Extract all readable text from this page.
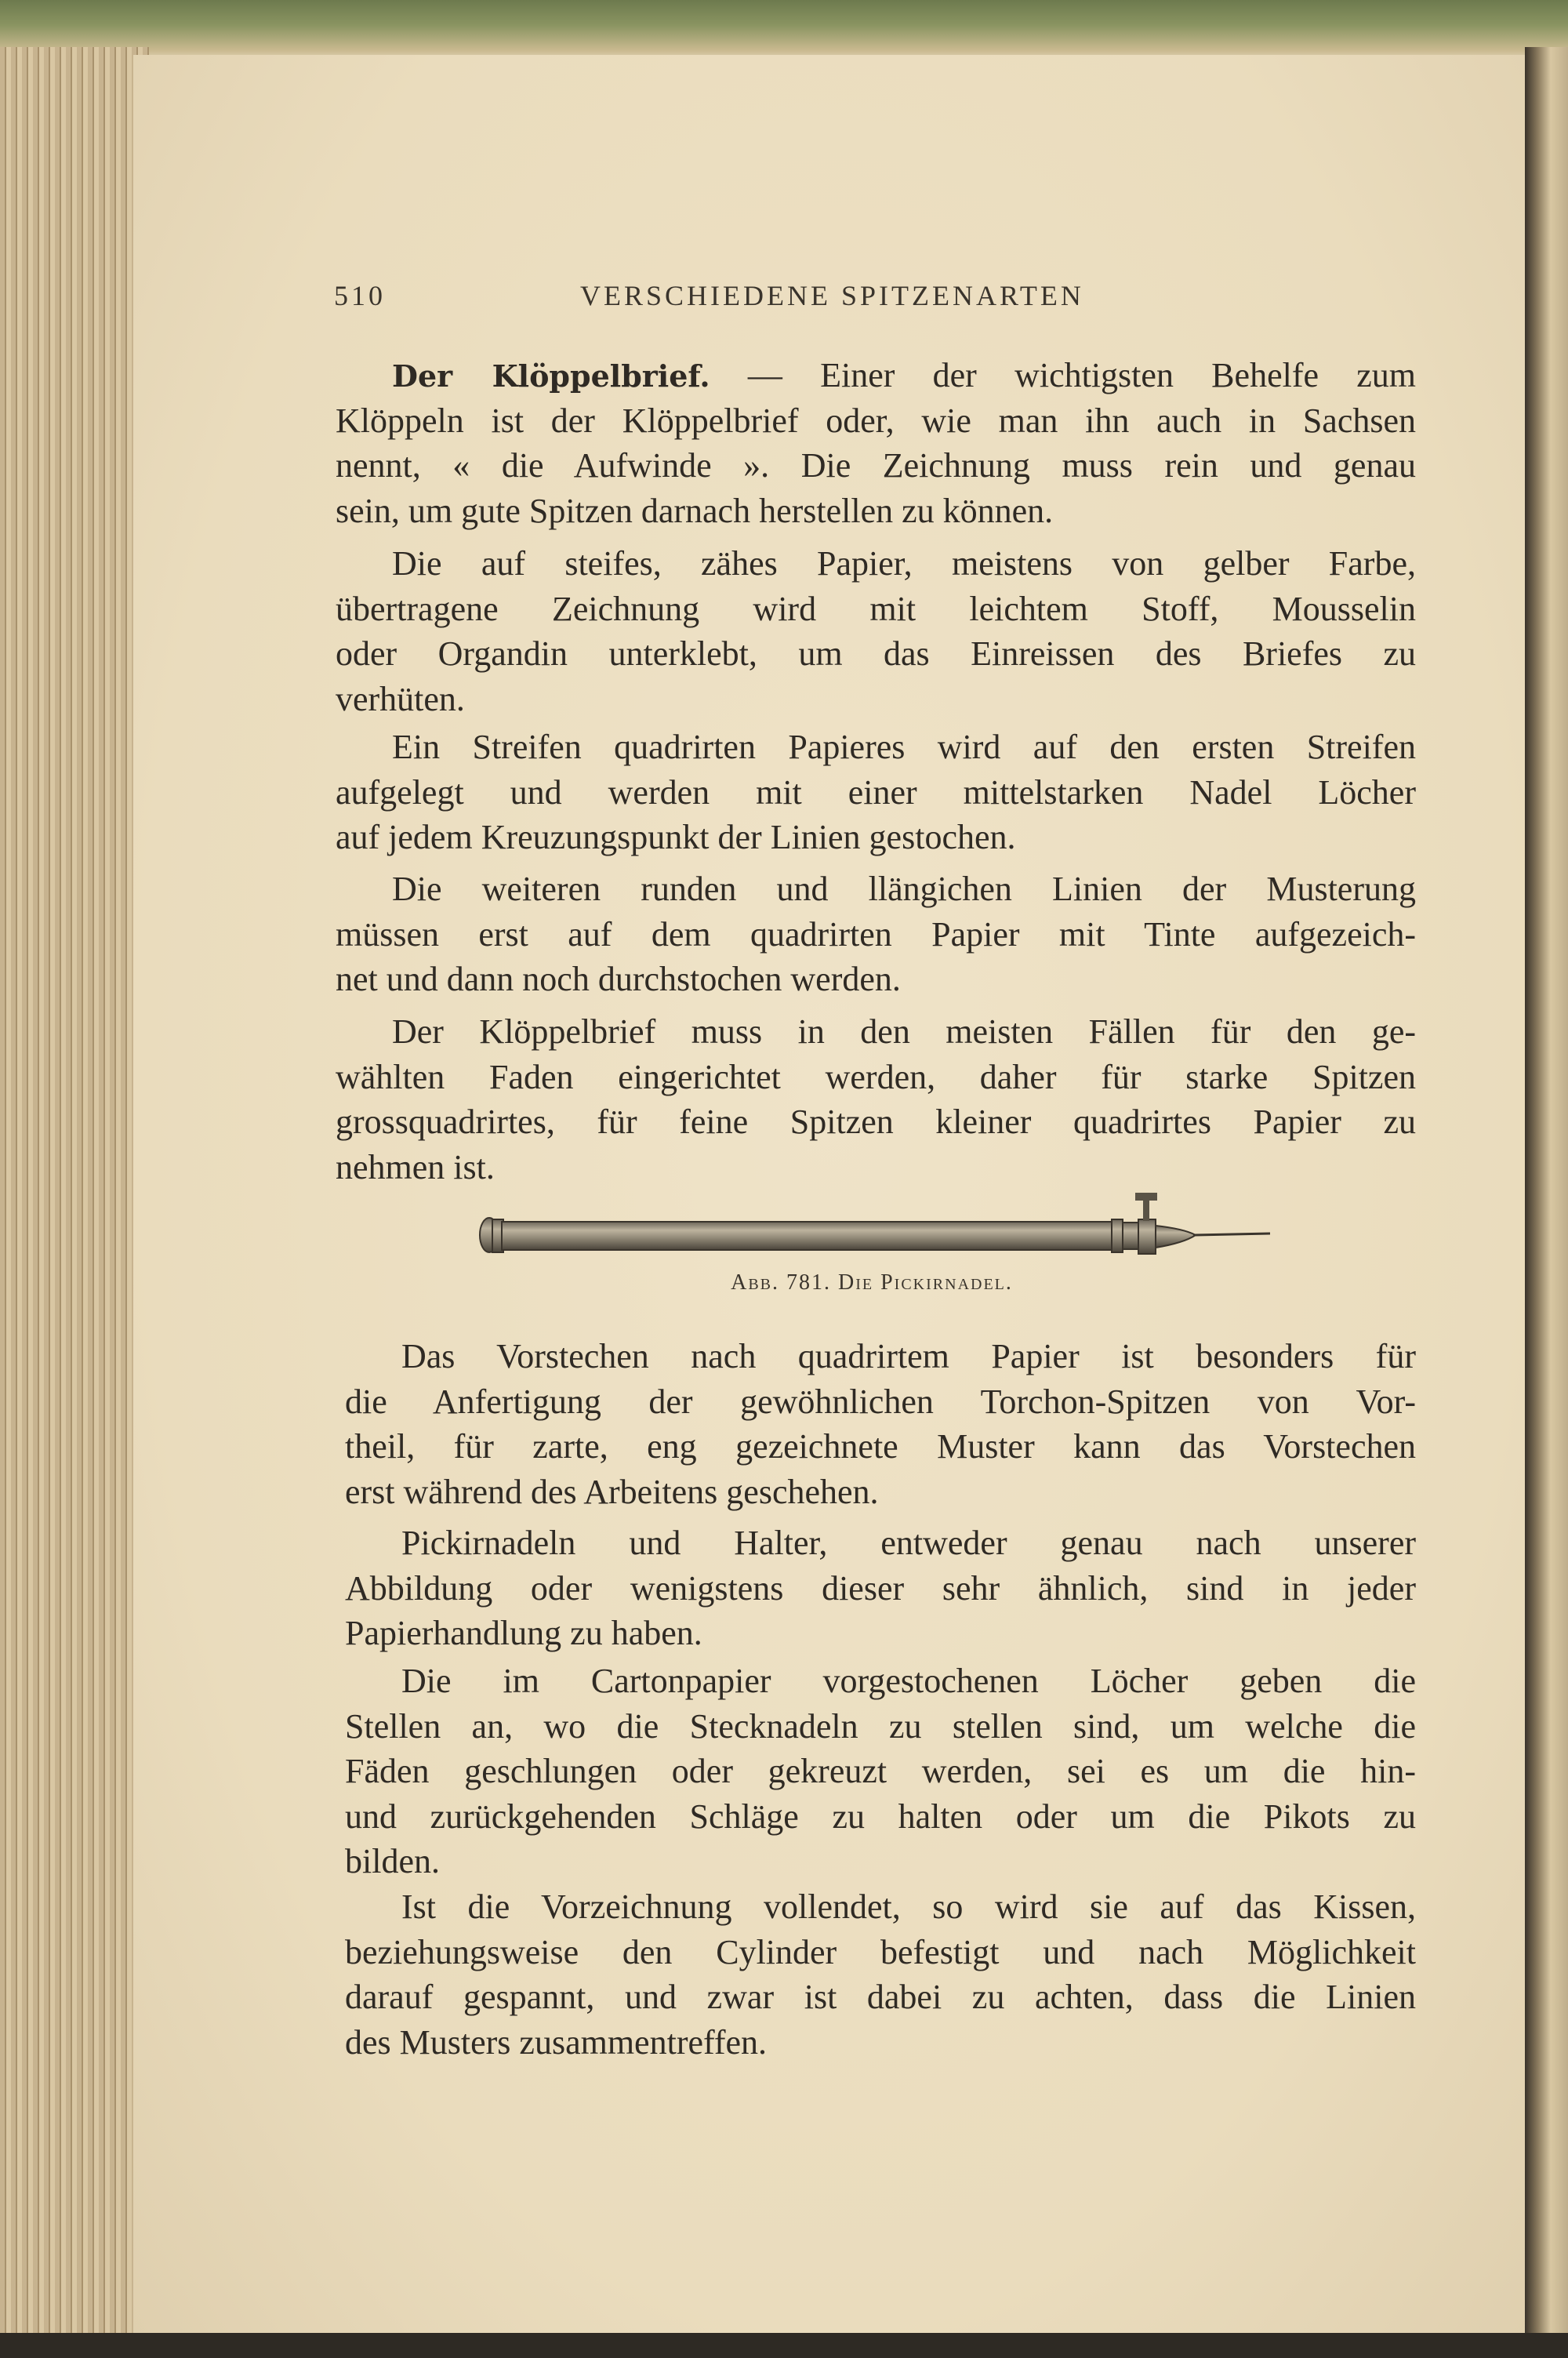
510	VERSCHIEDENE SPITZENARTEN
Der Klöppelbrief. — Einer der wichtigsten Behelfe zum
Klöppeln ist der Klöppelbrief oder, wie man ihn auch in Sachsen
nennt, « die Aufwinde ». Die Zeichnung muss rein und genau
sein, um gute Spitzen darnach herstellen zu können.
Die auf steifes, zähes Papier, meistens von gelber Farbe,
übertragene Zeichnung wird mit leichtem Stoff, Mousselin
oder Organdin unterklebt, um das Einreissen des Briefes zu
verhüten.
Ein Streifen quadrirten Papieres wird auf den ersten Streifen
aufgelegt und werden mit einer mittelstarken Nadel Löcher
auf jedem Kreuzungspunkt der Linien gestochen.
Die weiteren runden und llängichen Linien der Musterung
müssen erst auf dem quadrirten Papier mit Tinte aufgezeich-
net und dann noch durchstochen werden.
Der Klöppelbrief muss in den meisten Fällen für den ge-
wählten Faden eingerichtet werden, daher für starke Spitzen
grossquadrirtes, für feine Spitzen kleiner quadrirtes Papier zu
nehmen ist.
Das Vorstechen nach quadrirtem Papier ist besonders für
die Anfertigung der gewöhnlichen Torchon-Spitzen von Vor-
theil, für zarte, eng gezeichnete Muster kann das Vorstechen
erst während des Arbeitens geschehen.
Pickirnadeln und Halter, entweder genau nach unserer
Abbildung oder wenigstens dieser sehr ähnlich, sind in jeder
Papierhandlung zu haben.
Die im Cartonpapier vorgestochenen Löcher geben die
Stellen an, wo die Stecknadeln zu stellen sind, um welche die
Fäden geschlungen oder gekreuzt werden, sei es um die hin-
und zurückgehenden Schläge zu halten oder um die Pikots zu
bilden.
Ist die Vorzeichnung vollendet, so wird sie auf das Kissen,
beziehungsweise den Cylinder befestigt und nach Möglichkeit
darauf gespannt, und zwar ist dabei zu achten, dass die Linien
des Musters zusammentreffen.
Abb. 781. Die Pickirnadel.
